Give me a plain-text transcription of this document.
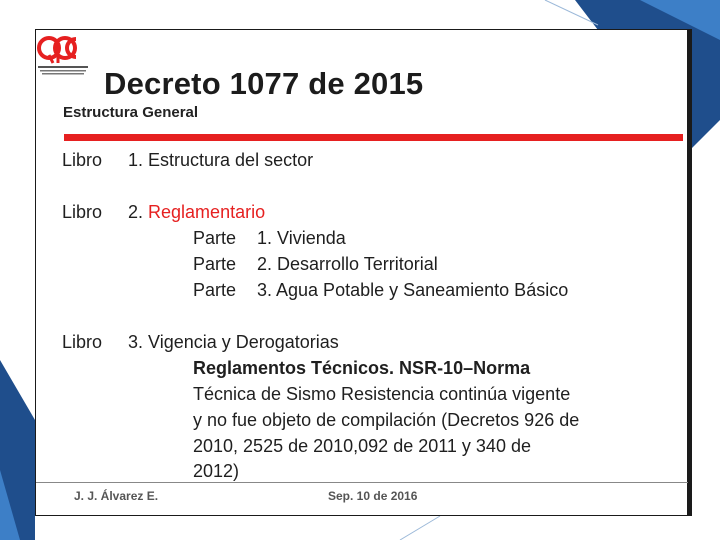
Decreto 1077 de 2015
Estructura General
Libro 1. Estructura del sector
Libro 2. Reglamentario
Parte 1. Vivienda
Parte 2. Desarrollo Territorial
Parte 3. Agua Potable y Saneamiento Básico
Libro 3. Vigencia y Derogatorias
Reglamentos Técnicos. NSR-10–Norma
Técnica de Sismo Resistencia continúa vigente
y no fue objeto de compilación (Decretos 926 de
2010, 2525 de 2010,092 de 2011 y 340 de
2012)
J. J. Álvarez E.	Sep. 10 de 2016
